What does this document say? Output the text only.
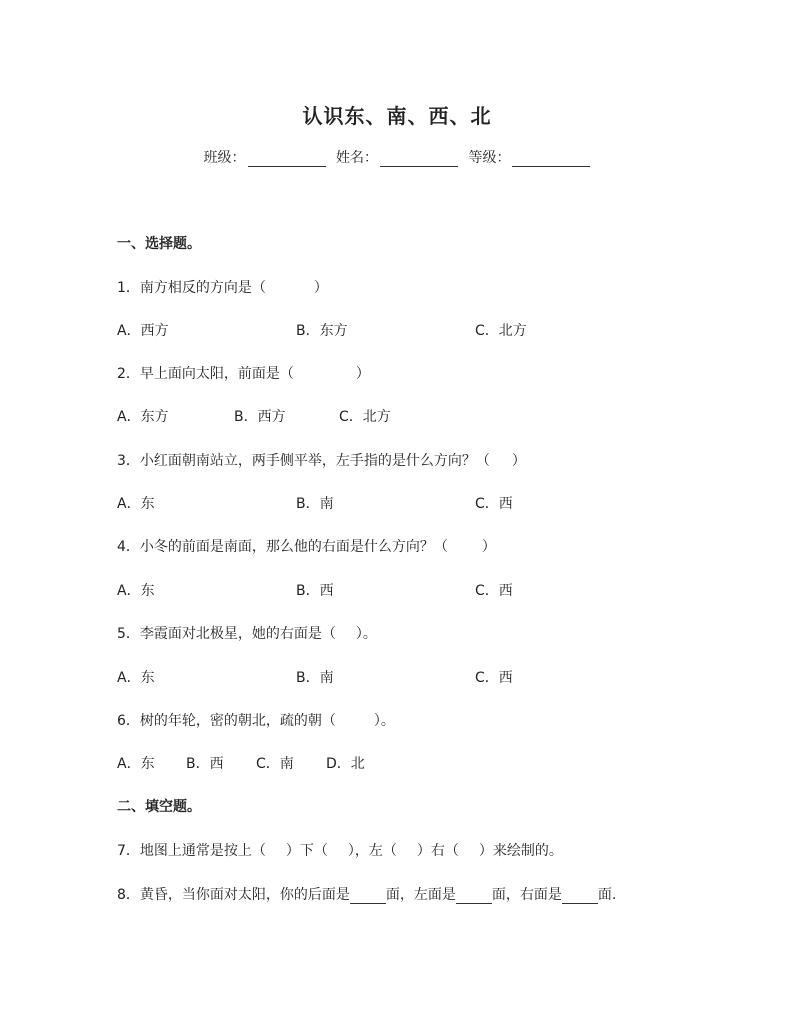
认识东、南、西、北
班级：	姓名：	等级：
一、选择题。
1．南方相反的方向是（	）
A．西方	B．东方	C．北方
2．早上面向太阳，前面是（	）
A．东方	B．西方	C．北方
3．小红面朝南站立，两手侧平举，左手指的是什么方向？（ ）
A．东	B．南	C．西
4．小冬的前面是南面，那么他的右面是什么方向？（ ）
A．东	B．西	C．西
5．李霞面对北极星，她的右面是（ ）。
A．东	B．南	C．西
6．树的年轮，密的朝北，疏的朝（	）。
A．东 B．西 C．南 D．北
二、填空题。
7．地图上通常是按上（ ）下（ ），左（ ）右（ ）来绘制的。
8．黄昏，当你面对太阳，你的后面是	面，左面是	面，右面是	面.
